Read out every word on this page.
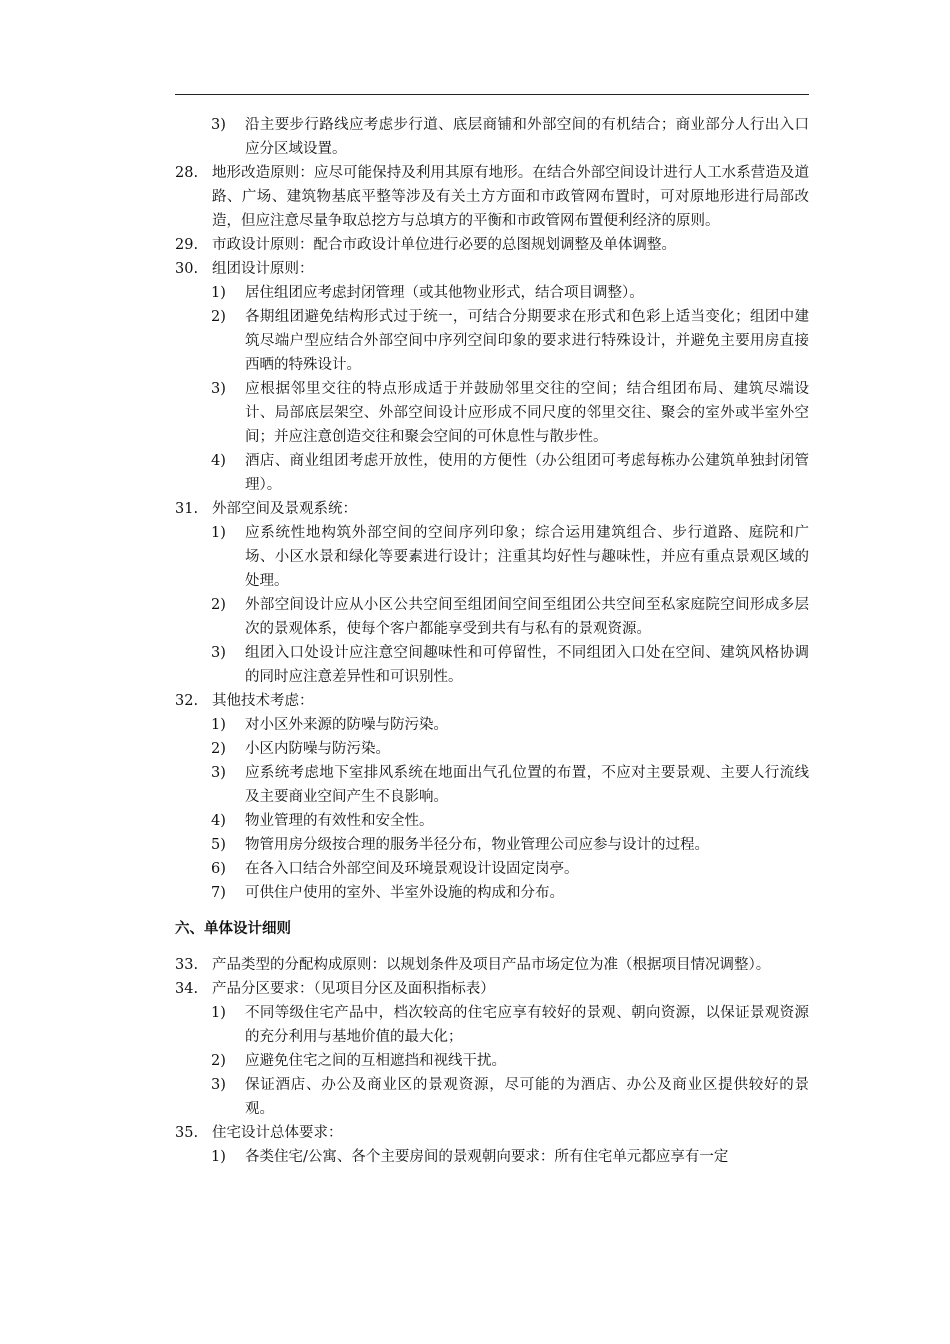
3) 沿主要步行路线应考虑步行道、底层商铺和外部空间的有机结合；商业部分人行出入口应分区域设置。
28. 地形改造原则：应尽可能保持及利用其原有地形。在结合外部空间设计进行人工水系营造及道路、广场、建筑物基底平整等涉及有关土方方面和市政管网布置时，可对原地形进行局部改造，但应注意尽量争取总挖方与总填方的平衡和市政管网布置便利经济的原则。
29. 市政设计原则：配合市政设计单位进行必要的总图规划调整及单体调整。
30. 组团设计原则：
1) 居住组团应考虑封闭管理（或其他物业形式，结合项目调整）。
2) 各期组团避免结构形式过于统一，可结合分期要求在形式和色彩上适当变化；组团中建筑尽端户型应结合外部空间中序列空间印象的要求进行特殊设计，并避免主要用房直接西晒的特殊设计。
3) 应根据邻里交往的特点形成适于并鼓励邻里交往的空间；结合组团布局、建筑尽端设计、局部底层架空、外部空间设计应形成不同尺度的邻里交往、聚会的室外或半室外空间；并应注意创造交往和聚会空间的可休息性与散步性。
4) 酒店、商业组团考虑开放性，使用的方便性（办公组团可考虑每栋办公建筑单独封闭管理）。
31. 外部空间及景观系统：
1) 应系统性地构筑外部空间的空间序列印象；综合运用建筑组合、步行道路、庭院和广场、小区水景和绿化等要素进行设计；注重其均好性与趣味性，并应有重点景观区域的处理。
2) 外部空间设计应从小区公共空间至组团间空间至组团公共空间至私家庭院空间形成多层次的景观体系，使每个客户都能享受到共有与私有的景观资源。
3) 组团入口处设计应注意空间趣味性和可停留性，不同组团入口处在空间、建筑风格协调的同时应注意差异性和可识别性。
32. 其他技术考虑：
1) 对小区外来源的防噪与防污染。
2) 小区内防噪与防污染。
3) 应系统考虑地下室排风系统在地面出气孔位置的布置，不应对主要景观、主要人行流线及主要商业空间产生不良影响。
4) 物业管理的有效性和安全性。
5) 物管用房分级按合理的服务半径分布，物业管理公司应参与设计的过程。
6) 在各入口结合外部空间及环境景观设计设固定岗亭。
7) 可供住户使用的室外、半室外设施的构成和分布。
六、单体设计细则
33. 产品类型的分配构成原则：以规划条件及项目产品市场定位为准（根据项目情况调整）。
34. 产品分区要求：（见项目分区及面积指标表）
1) 不同等级住宅产品中，档次较高的住宅应享有较好的景观、朝向资源，以保证景观资源的充分利用与基地价值的最大化；
2) 应避免住宅之间的互相遮挡和视线干扰。
3) 保证酒店、办公及商业区的景观资源，尽可能的为酒店、办公及商业区提供较好的景观。
35. 住宅设计总体要求：
1) 各类住宅/公寓、各个主要房间的景观朝向要求：所有住宅单元都应享有一定
